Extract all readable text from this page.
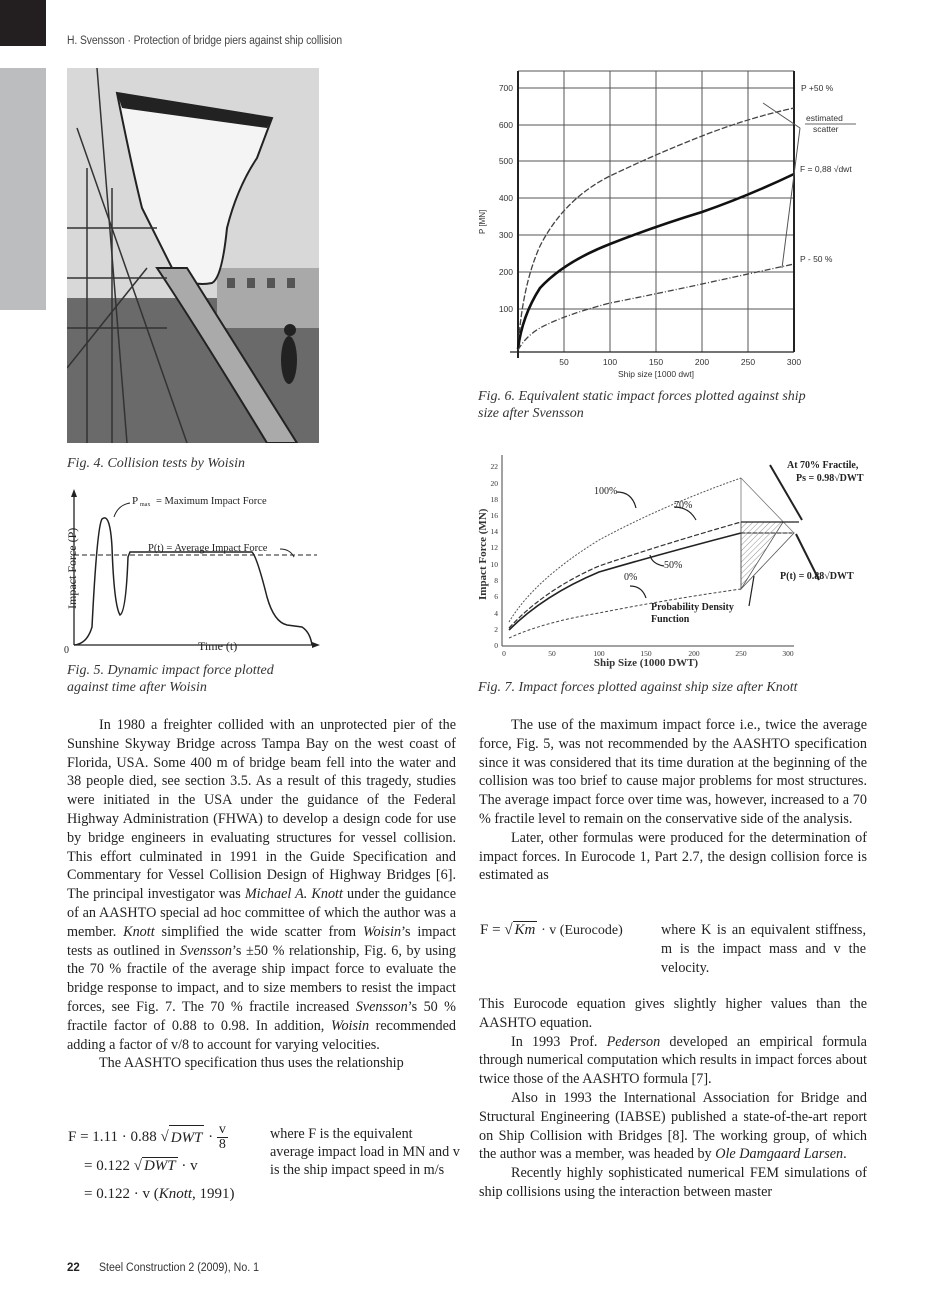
H. Svensson · Protection of bridge piers against ship collision
Fig. 4. Collision tests by Woisin
P max = Maximum Impact Force
P(t) = Average Impact Force
0	Time (t)
Impact Force (P)
Fig. 5. Dynamic impact force plotted
against time after Woisin
700
600
500
400
300
200
100
50	100	150	200	250	300
Ship size [1000 dwt]
P [MN]
P +50 %
estimated
scatter
F = 0,88 √dwt
P - 50 %
Fig. 6. Equivalent static impact forces plotted against ship
size after Svensson
0
2
4
6
8
10
12
14
16
18
20
22
0	50	100	150	200	250	300
Ship Size (1000 DWT)
Impact Force (MN)
100%
70%
50%
0%
Probability Density
Function
At 70% Fractile,
Ps = 0.98√DWT
P(t) = 0.88√DWT
Fig. 7. Impact forces plotted against ship size after Knott

In 1980 a freighter collided with an unprotected pier of the Sunshine Skyway Bridge across Tampa Bay on the west coast of Florida, USA. Some 400 m of bridge beam fell into the water and 38 people died, see section 3.5. As a result of this tragedy, studies were initiated in the USA under the guidance of the Federal Highway Administration (FHWA) to develop a design code for use by bridge engineers in evaluating structures for vessel collision. This effort culminated in 1991 in the Guide Specification and Commentary for Vessel Collision Design of Highway Bridges [6]. The principal investigator was Michael A. Knott under the guidance of an AASHTO special ad hoc committee of which the author was a member. Knott simplified the wide scatter from Woisin’s impact tests as outlined in Svensson’s ±50 % relationship, Fig. 6, by using the 70 % fractile of the average ship impact force to evaluate the bridge response to impact, and to size members to resist the impact forces, see Fig. 7. The 70 % fractile increased Svensson’s 50 % fractile factor of 0.88 to 0.98. In addition, Woisin recommended adding a factor of v/8 to account for varying velocities.

The AASHTO specification thus uses the relationship

F
= 1.11 · 0.88 √ DWT
·
v
8
= 0.122 √ DWT · v
= 0.122 · v (Knott, 1991)
where F is the equivalent average impact load in MN and v is the ship impact speed in m/s

The use of the maximum impact force i.e., twice the average force, Fig. 5, was not recommended by the AASHTO specification since it was considered that its time duration at the beginning of the collision was too brief to cause major problems for most structures. The average impact force over time was, however, increased to a 70 % fractile level to remain on the conservative side of the analysis.

Later, other formulas were produced for the determination of impact forces. In Eurocode 1, Part 2.7, the design collision force is estimated as

F = √ Km · v (Eurocode)	where K is an equivalent stiffness, m is the impact mass and v the velocity.

This Eurocode equation gives slightly higher values than the AASHTO equation.

In 1993 Prof. Pederson developed an empirical formula through numerical computation which results in impact forces about twice those of the AASHTO formula [7].

Also in 1993 the International Association for Bridge and Structural Engineering (IABSE) published a state-of-the-art report on Ship Collision with Bridges [8]. The working group, of which the author was a member, was headed by Ole Damgaard Larsen.

Recently highly sophisticated numerical FEM simulations of ship collisions using the interaction between master

22 Steel Construction 2 (2009), No. 1
